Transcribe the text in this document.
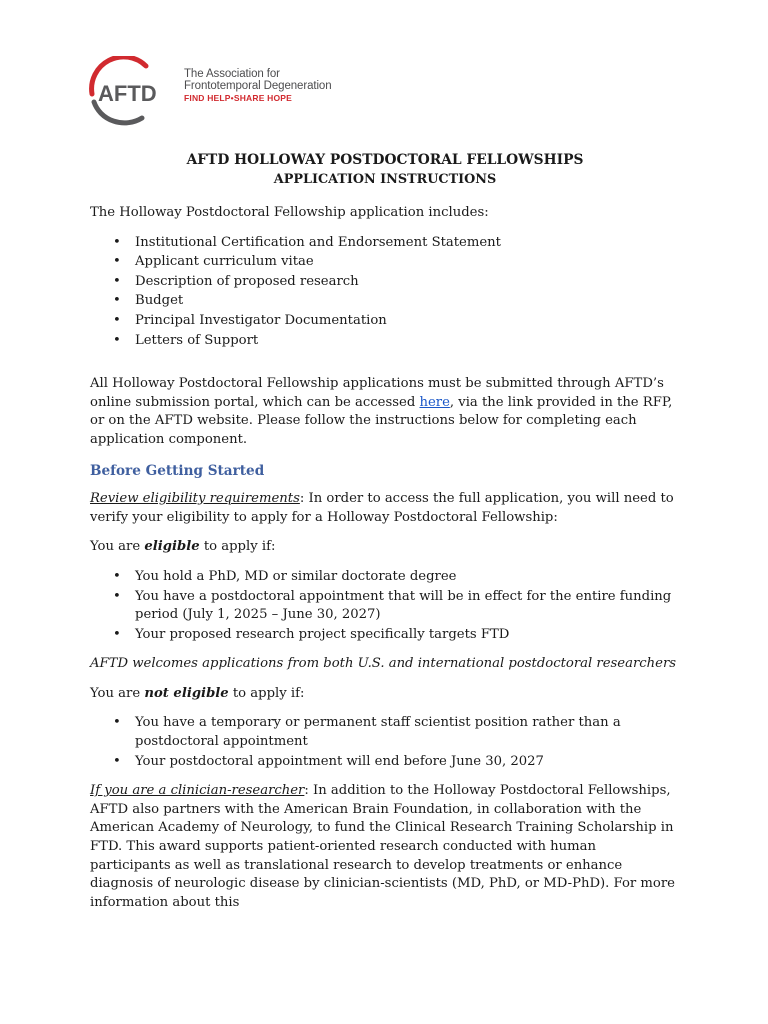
AFTD
The Association for
Frontotemporal Degeneration
FIND HELP•SHARE HOPE
AFTD HOLLOWAY POSTDOCTORAL FELLOWSHIPS
APPLICATION INSTRUCTIONS

The Holloway Postdoctoral Fellowship application includes:

• Institutional Certification and Endorsement Statement
• Applicant curriculum vitae
• Description of proposed research
• Budget
• Principal Investigator Documentation
• Letters of Support

All Holloway Postdoctoral Fellowship applications must be submitted through AFTD’s online submission portal, which can be accessed here, via the link provided in the RFP, or on the AFTD website. Please follow the instructions below for completing each application component.

Before Getting Started

Review eligibility requirements: In order to access the full application, you will need to verify your eligibility to apply for a Holloway Postdoctoral Fellowship:

You are eligible to apply if:

• You hold a PhD, MD or similar doctorate degree
• You have a postdoctoral appointment that will be in effect for the entire funding period (July 1, 2025 – June 30, 2027)
• Your proposed research project specifically targets FTD

AFTD welcomes applications from both U.S. and international postdoctoral researchers

You are not eligible to apply if:

• You have a temporary or permanent staff scientist position rather than a postdoctoral appointment
• Your postdoctoral appointment will end before June 30, 2027

If you are a clinician-researcher: In addition to the Holloway Postdoctoral Fellowships, AFTD also partners with the American Brain Foundation, in collaboration with the American Academy of Neurology, to fund the Clinical Research Training Scholarship in FTD. This award supports patient-oriented research conducted with human participants as well as translational research to develop treatments or enhance diagnosis of neurologic disease by clinician-scientists (MD, PhD, or MD-PhD). For more information about this
